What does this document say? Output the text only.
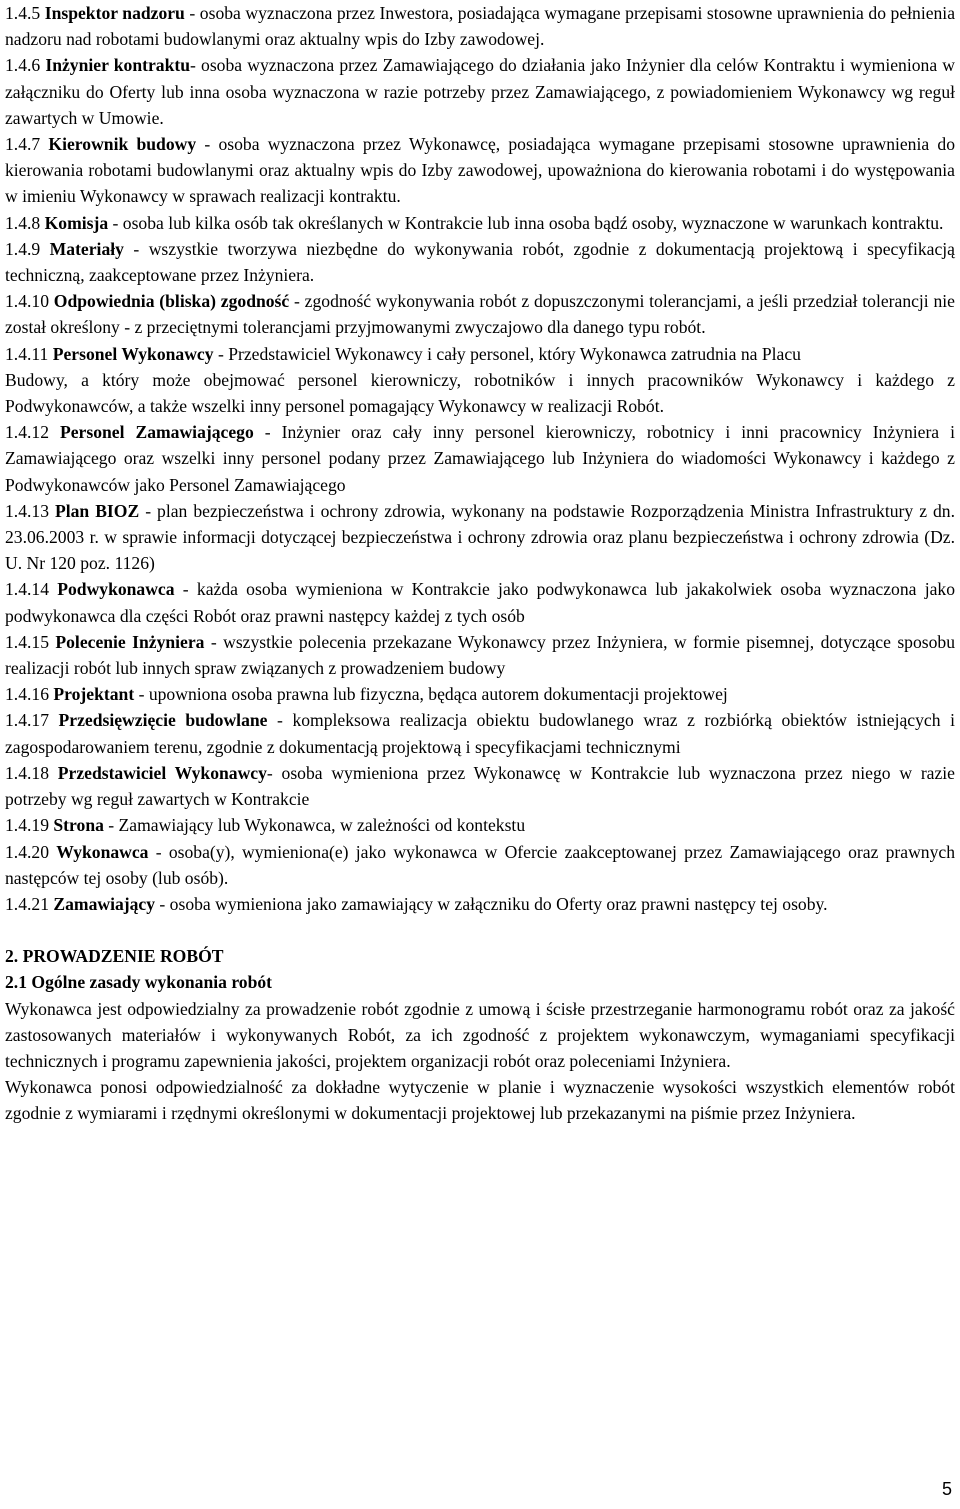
1.4.5 Inspektor nadzoru - osoba wyznaczona przez Inwestora, posiadająca wymagane przepisami stosowne uprawnienia do pełnienia nadzoru nad robotami budowlanymi oraz aktualny wpis do Izby zawodowej.

1.4.6 Inżynier kontraktu- osoba wyznaczona przez Zamawiającego do działania jako Inżynier dla celów Kontraktu i wymieniona w załączniku do Oferty lub inna osoba wyznaczona w razie potrzeby przez Zamawiającego, z powiadomieniem Wykonawcy wg reguł zawartych w Umowie.

1.4.7 Kierownik budowy - osoba wyznaczona przez Wykonawcę, posiadająca wymagane przepisami stosowne uprawnienia do kierowania robotami budowlanymi oraz aktualny wpis do Izby zawodowej, upoważniona do kierowania robotami i do występowania w imieniu Wykonawcy w sprawach realizacji kontraktu.

1.4.8 Komisja - osoba lub kilka osób tak określanych w Kontrakcie lub inna osoba bądź osoby, wyznaczone w warunkach kontraktu.

1.4.9 Materiały - wszystkie tworzywa niezbędne do wykonywania robót, zgodnie z dokumentacją projektową i specyfikacją techniczną, zaakceptowane przez Inżyniera.

1.4.10 Odpowiednia (bliska) zgodność - zgodność wykonywania robót z dopuszczonymi tolerancjami, a jeśli przedział tolerancji nie został określony - z przeciętnymi tolerancjami przyjmowanymi zwyczajowo dla danego typu robót.

1.4.11 Personel Wykonawcy - Przedstawiciel Wykonawcy i cały personel, który Wykonawca zatrudnia na Placu

Budowy, a który może obejmować personel kierowniczy, robotników i innych pracowników Wykonawcy i każdego z Podwykonawców, a także wszelki inny personel pomagający Wykonawcy w realizacji Robót.

1.4.12 Personel Zamawiającego - Inżynier oraz cały inny personel kierowniczy, robotnicy i inni pracownicy Inżyniera i Zamawiającego oraz wszelki inny personel podany przez Zamawiającego lub Inżyniera do wiadomości Wykonawcy i każdego z Podwykonawców jako Personel Zamawiającego

1.4.13 Plan BIOZ - plan bezpieczeństwa i ochrony zdrowia, wykonany na podstawie Rozporządzenia Ministra Infrastruktury z dn. 23.06.2003 r. w sprawie informacji dotyczącej bezpieczeństwa i ochrony zdrowia oraz planu bezpieczeństwa i ochrony zdrowia (Dz. U. Nr 120 poz. 1126)

1.4.14 Podwykonawca - każda osoba wymieniona w Kontrakcie jako podwykonawca lub jakakolwiek osoba wyznaczona jako podwykonawca dla części Robót oraz prawni następcy każdej z tych osób

1.4.15 Polecenie Inżyniera - wszystkie polecenia przekazane Wykonawcy przez Inżyniera, w formie pisemnej, dotyczące sposobu realizacji robót lub innych spraw związanych z prowadzeniem budowy

1.4.16 Projektant - upowniona osoba prawna lub fizyczna, będąca autorem dokumentacji projektowej

1.4.17 Przedsięwzięcie budowlane - kompleksowa realizacja obiektu budowlanego wraz z rozbiórką obiektów istniejących i zagospodarowaniem terenu, zgodnie z dokumentacją projektową i specyfikacjami technicznymi

1.4.18 Przedstawiciel Wykonawcy- osoba wymieniona przez Wykonawcę w Kontrakcie lub wyznaczona przez niego w razie potrzeby wg reguł zawartych w Kontrakcie

1.4.19 Strona - Zamawiający lub Wykonawca, w zależności od kontekstu

1.4.20 Wykonawca - osoba(y), wymieniona(e) jako wykonawca w Ofercie zaakceptowanej przez Zamawiającego oraz prawnych następców tej osoby (lub osób).

1.4.21 Zamawiający - osoba wymieniona jako zamawiający w załączniku do Oferty oraz prawni następcy tej osoby.

2. PROWADZENIE ROBÓT

2.1 Ogólne zasady wykonania robót

Wykonawca jest odpowiedzialny za prowadzenie robót zgodnie z umową i ścisłe przestrzeganie harmonogramu robót oraz za jakość zastosowanych materiałów i wykonywanych Robót, za ich zgodność z projektem wykonawczym, wymaganiami specyfikacji technicznych i programu zapewnienia jakości, projektem organizacji robót oraz poleceniami Inżyniera.

Wykonawca ponosi odpowiedzialność za dokładne wytyczenie w planie i wyznaczenie wysokości wszystkich elementów robót zgodnie z wymiarami i rzędnymi określonymi w dokumentacji projektowej lub przekazanymi na piśmie przez Inżyniera.

5
